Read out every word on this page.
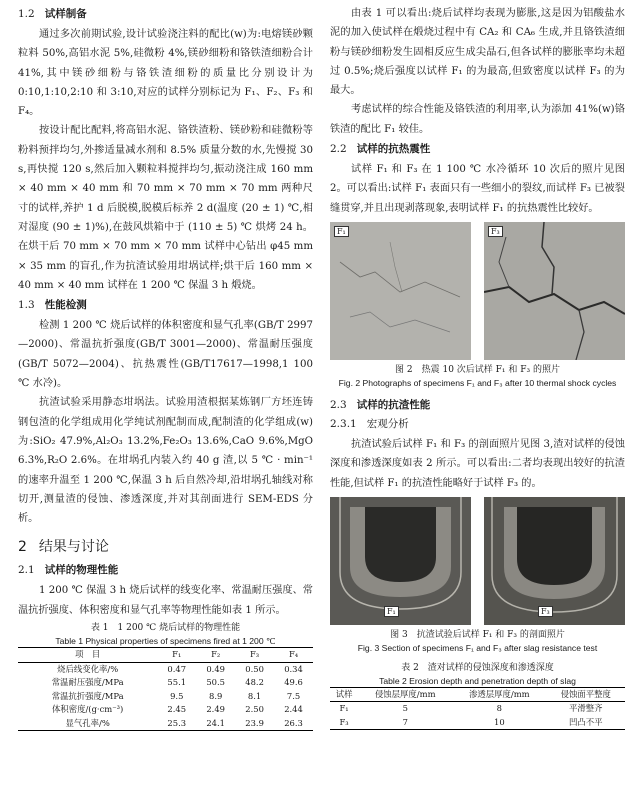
1.2 试样制备

通过多次前期试验,设计试验浇注料的配比(w)为:电熔镁砂颗粒料 50%,高铝水泥 5%,硅微粉 4%,镁砂细粉和铬铁渣细粉合计 41%,其中镁砂细粉与铬铁渣细粉的质量比分别设计为 0:10,1:10,2:10 和 3:10,对应的试样分别标记为 F₁、F₂、F₃ 和 F₄。

按设计配比配料,将高铝水泥、铬铁渣粉、镁砂粉和硅微粉等粉料预拌均匀,外掺适量减水剂和 8.5% 质量分数的水,先慢搅 30 s,再快搅 120 s,然后加入颗粒料搅拌均匀,振动浇注成 160 mm × 40 mm × 40 mm 和 70 mm × 70 mm × 70 mm 两种尺寸的试样,养护 1 d 后脱模,脱模后标养 2 d(温度 (20 ± 1) ℃,相对湿度 (90 ± 1)%),在鼓风烘箱中于 (110 ± 5) ℃ 烘烤 24 h。在烘干后 70 mm × 70 mm × 70 mm 试样中心钻出 φ45 mm × 35 mm 的盲孔,作为抗渣试验用坩埚试样;烘干后 160 mm × 40 mm × 40 mm 试样在 1 200 ℃ 保温 3 h 煅烧。

1.3 性能检测

检测 1 200 ℃ 烧后试样的体积密度和显气孔率(GB/T 2997—2000)、常温抗折强度(GB/T 3001—2000)、常温耐压强度(GB/T 5072—2004)、抗热震性(GB/T17617—1998,1 100 ℃ 水冷)。

抗渣试验采用静态坩埚法。试验用渣根据某炼钢厂方坯连铸钢包渣的化学组成用化学纯试剂配制而成,配制渣的化学组成(w)为:SiO₂ 47.9%,Al₂O₃ 13.2%,Fe₂O₃ 13.6%,CaO 9.6%,MgO 6.3%,R₂O 2.6%。在坩埚孔内装入约 40 g 渣,以 5 ℃ · min⁻¹ 的速率升温至 1 200 ℃,保温 3 h 后自然冷却,沿坩埚孔轴线对称切开,测量渣的侵蚀、渗透深度,并对其剖面进行 SEM-EDS 分析。

2 结果与讨论
2.1 试样的物理性能

1 200 ℃ 保温 3 h 烧后试样的线变化率、常温耐压强度、常温抗折强度、体积密度和显气孔率等物理性能如表 1 所示。

表 1　1 200 ℃ 烧后试样的物理性能
Table 1 Physical properties of specimens fired at 1 200 ℃
项　目	F₁	F₂	F₃	F₄
烧后线变化率/%	0.47	0.49	0.50	0.34
常温耐压强度/MPa	55.1	50.5	48.2	49.6
常温抗折强度/MPa	9.5	8.9	8.1	7.5
体积密度/(g·cm⁻³)	2.45	2.49	2.50	2.44
显气孔率/%	25.3	24.1	23.9	26.3

由表 1 可以看出:烧后试样均表现为膨胀,这是因为铝酸盐水泥的加入使试样在煅烧过程中有 CA₂ 和 CA₆ 生成,并且铬铁渣细粉与镁砂细粉发生固相反应生成尖晶石,但各试样的膨胀率均未超过 0.5%;烧后强度以试样 F₁ 的为最高,但致密度以试样 F₃ 的为最大。

考虑试样的综合性能及铬铁渣的利用率,认为添加 41%(w)铬铁渣的配比 F₁ 较佳。

2.2 试样的抗热震性

试样 F₁ 和 F₃ 在 1 100 ℃ 水冷循环 10 次后的照片见图 2。可以看出:试样 F₁ 表面只有一些细小的裂纹,而试样 F₃ 已被裂缝贯穿,并且出现剥落现象,表明试样 F₁ 的抗热震性比较好。

F₁	F₃
图 2　热震 10 次后试样 F₁ 和 F₃ 的照片
Fig. 2 Photographs of specimens F₁ and F₃ after 10 thermal shock cycles
2.3 试样的抗渣性能
2.3.1 宏观分析

抗渣试验后试样 F₁ 和 F₃ 的剖面照片见图 3,渣对试样的侵蚀深度和渗透深度如表 2 所示。可以看出:二者均表现出较好的抗渣性能,但试样 F₁ 的抗渣性能略好于试样 F₃ 的。

F₁	F₃
图 3　抗渣试验后试样 F₁ 和 F₃ 的剖面照片
Fig. 3 Section of specimens F₁ and F₃ after slag resistance test
表 2　渣对试样的侵蚀深度和渗透深度
Table 2 Erosion depth and penetration depth of slag
试样	侵蚀层厚度/mm	渗透层厚度/mm	侵蚀面平整度
F₁	5	8	平滑整齐
F₃	7	10	凹凸不平
